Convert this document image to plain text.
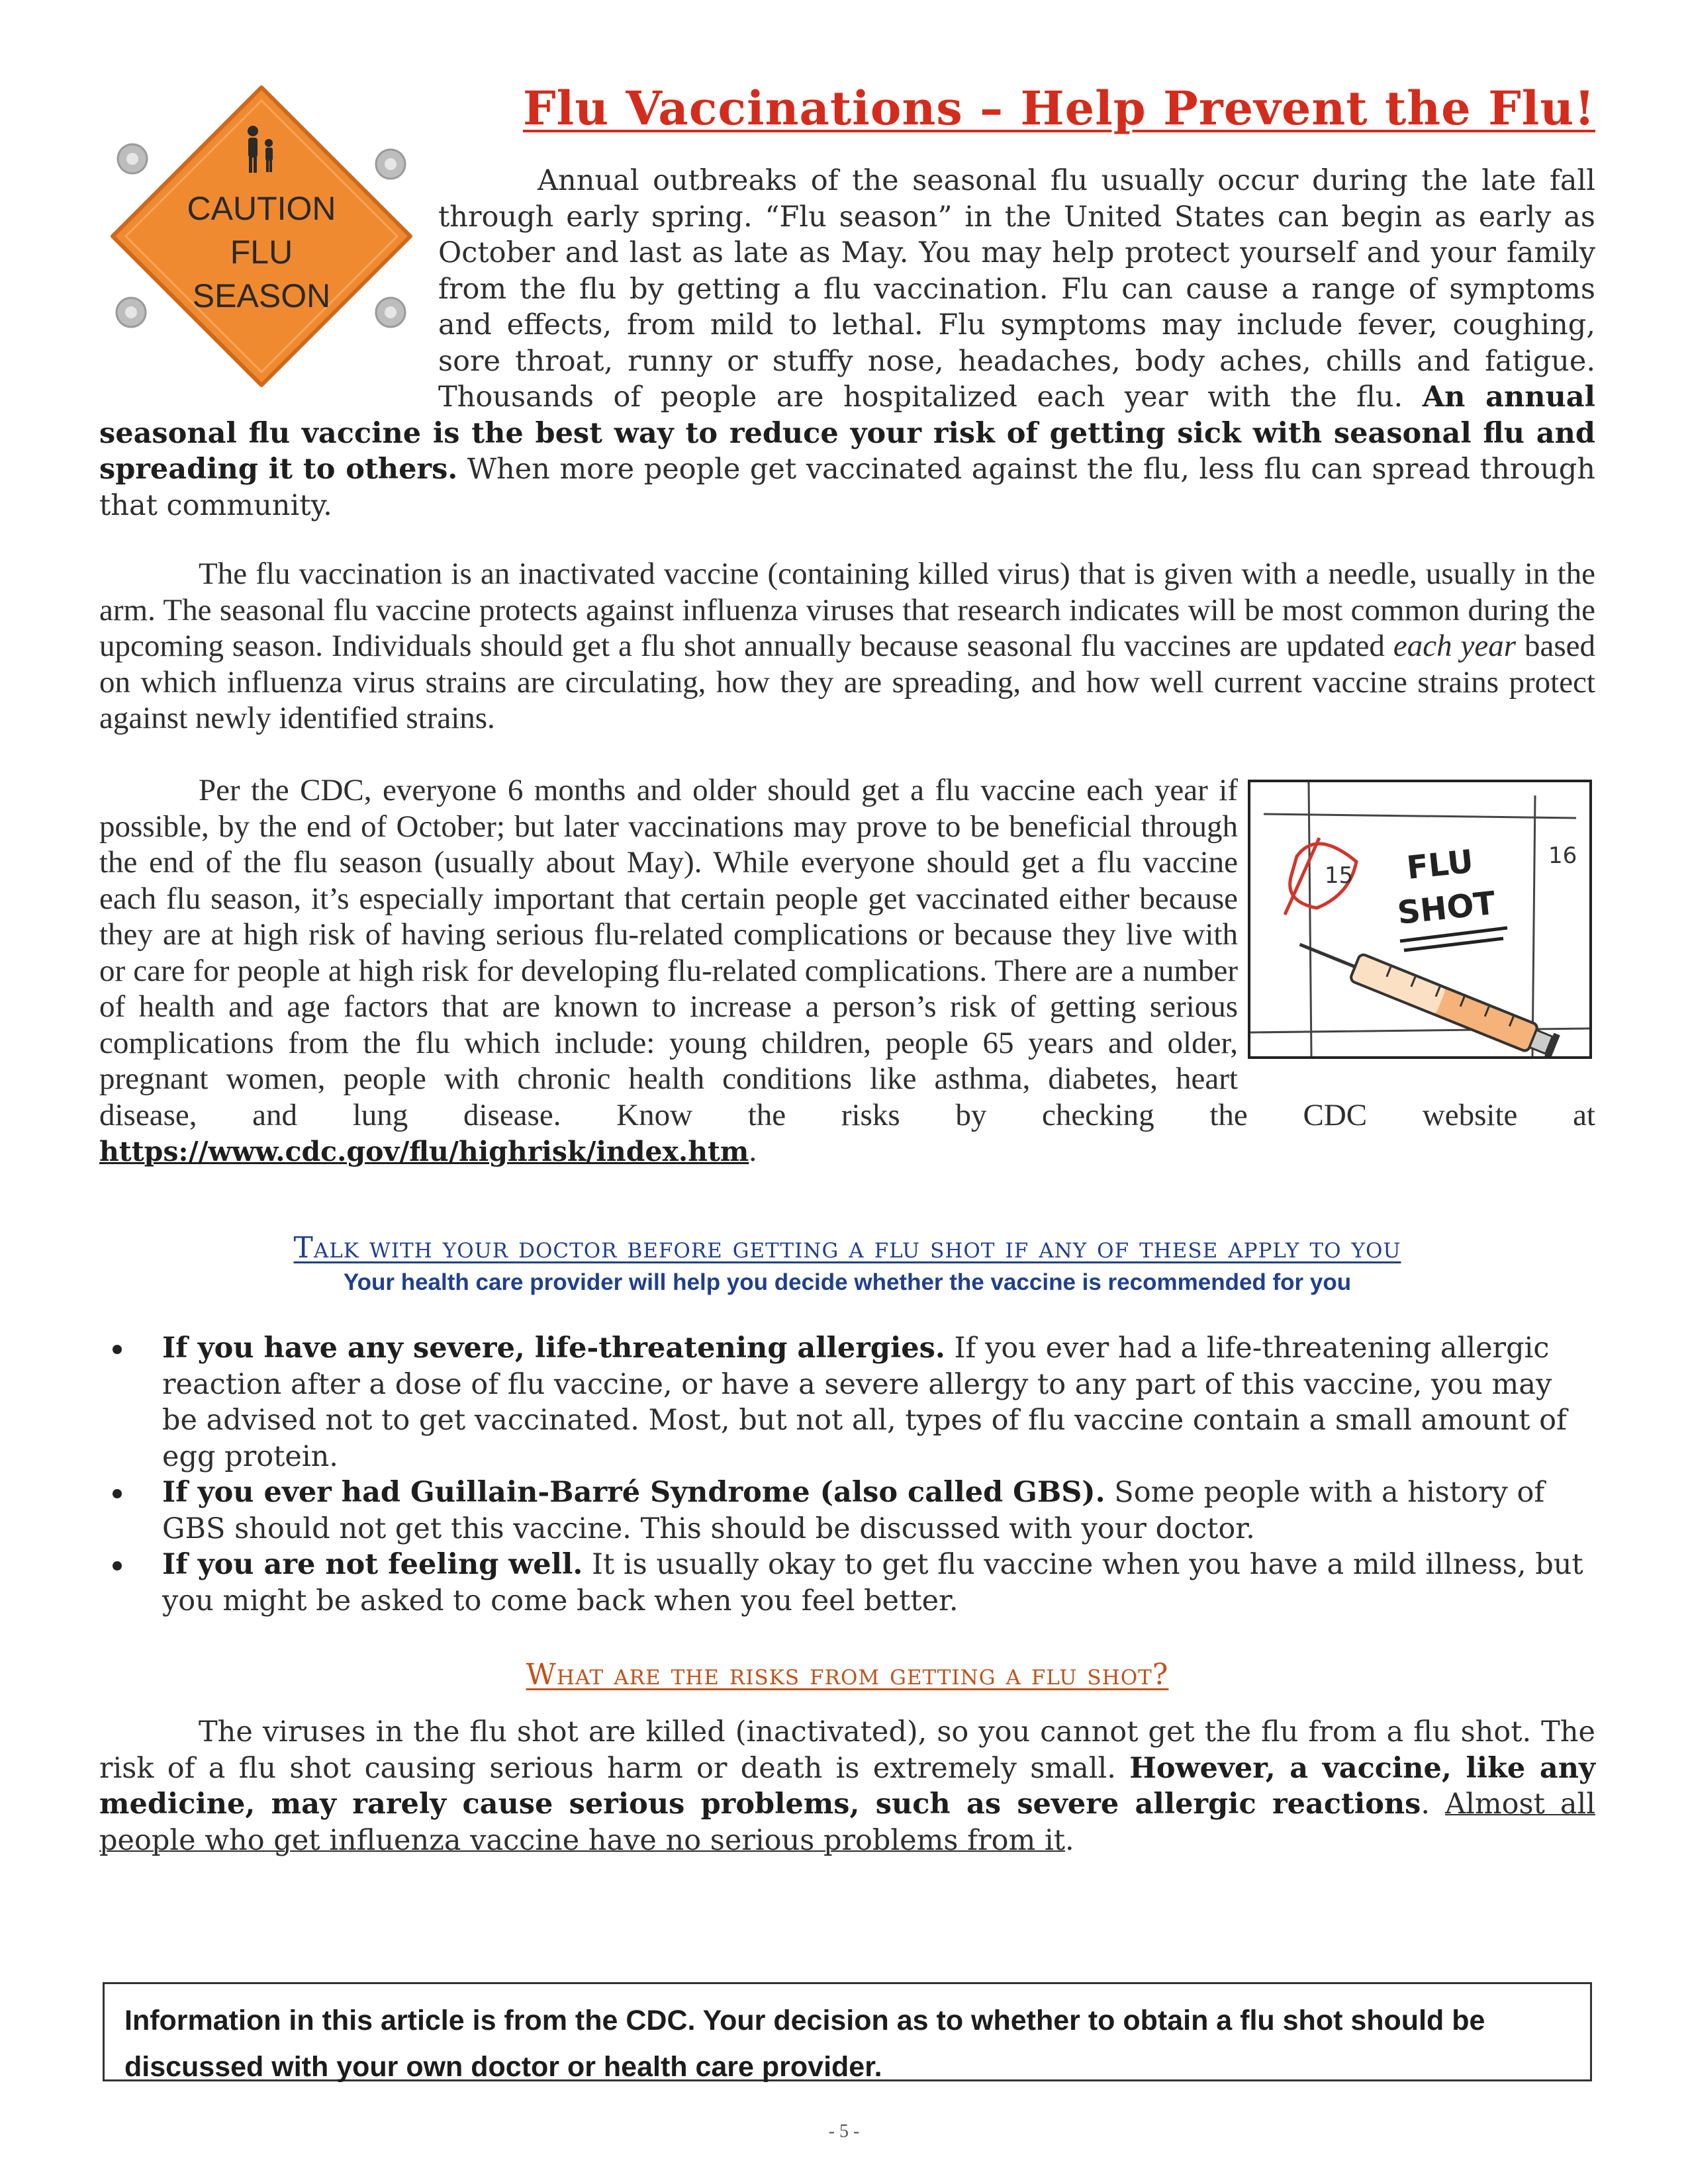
CAUTION
FLU
SEASON
Flu Vaccinations – Help Prevent the Flu!

Annual outbreaks of the seasonal flu usually occur during the late fall through early spring. “Flu season” in the United States can begin as early as October and last as late as May. You may help protect yourself and your family from the flu by getting a flu vaccination. Flu can cause a range of symptoms and effects, from mild to lethal. Flu symptoms may include fever, coughing, sore throat, runny or stuffy nose, headaches, body aches, chills and fatigue. Thousands of people are hospitalized each year with the flu. An annual seasonal flu vaccine is the best way to reduce your risk of getting sick with seasonal flu and spreading it to others. When more people get vaccinated against the flu, less flu can spread through that community.

The flu vaccination is an inactivated vaccine (containing killed virus) that is given with a needle, usually in the arm. The seasonal flu vaccine protects against influenza viruses that research indicates will be most common during the upcoming season. Individuals should get a flu shot annually because seasonal flu vaccines are updated each year based on which influenza virus strains are circulating, how they are spreading, and how well current vaccine strains protect against newly identified strains.

15
16
FLU
SHOT

Per the CDC, everyone 6 months and older should get a flu vaccine each year if possible, by the end of October; but later vaccinations may prove to be beneficial through the end of the flu season (usually about May). While everyone should get a flu vaccine each flu season, it’s especially important that certain people get vaccinated either because they are at high risk of having serious flu-related complications or because they live with or care for people at high risk for developing flu-related complications. There are a number of health and age factors that are known to increase a person’s risk of getting serious complications from the flu which include: young children, people 65 years and older, pregnant women, people with chronic health conditions like asthma, diabetes, heart disease, and lung disease. Know the risks by checking the CDC website at https://www.cdc.gov/flu/highrisk/index.htm.

Talk with your doctor before getting a flu shot if any of these apply to you
Your health care provider will help you decide whether the vaccine is recommended for you
If you have any severe, life-threatening allergies. If you ever had a life-threatening allergic reaction after a dose of flu vaccine, or have a severe allergy to any part of this vaccine, you may be advised not to get vaccinated. Most, but not all, types of flu vaccine contain a small amount of egg protein.
If you ever had Guillain-Barré Syndrome (also called GBS). Some people with a history of GBS should not get this vaccine. This should be discussed with your doctor.
If you are not feeling well. It is usually okay to get flu vaccine when you have a mild illness, but you might be asked to come back when you feel better.
What are the risks from getting a flu shot?

The viruses in the flu shot are killed (inactivated), so you cannot get the flu from a flu shot. The risk of a flu shot causing serious harm or death is extremely small. However, a vaccine, like any medicine, may rarely cause serious problems, such as severe allergic reactions. Almost all people who get influenza vaccine have no serious problems from it.

Information in this article is from the CDC. Your decision as to whether to obtain a flu shot should be discussed with your own doctor or health care provider.

- 5 -
